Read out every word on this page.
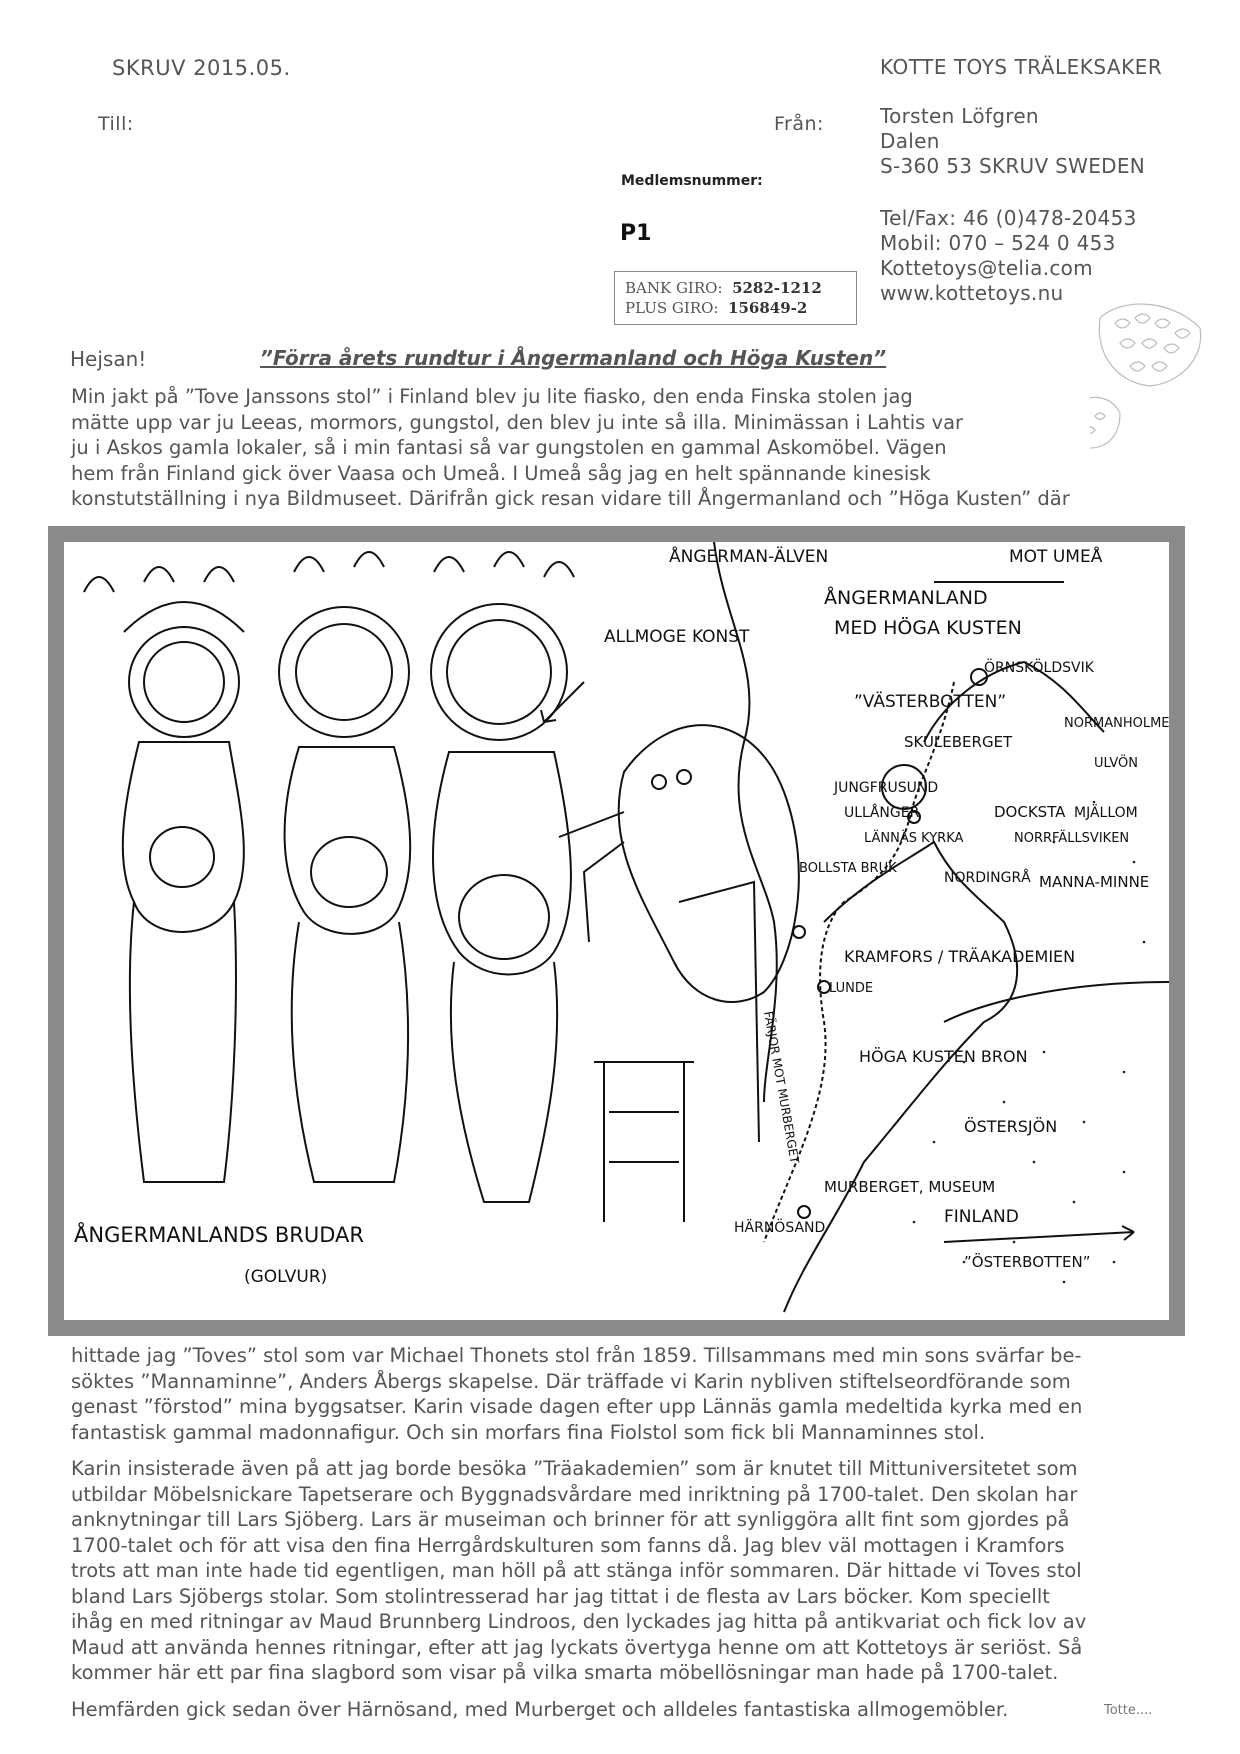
SKRUV 2015.05.
Till:	Från:
KOTTE TOYS TRÄLEKSAKER
Medlemsnummer:
P1
BANK GIRO: 5282-1212
PLUS GIRO: 156849-2
Torsten Löfgren
Dalen
S-360 53 SKRUV SWEDEN
Tel/Fax: 46 (0)478-20453
Mobil: 070 – 524 0 453
Kottetoys@telia.com
www.kottetoys.nu
Hejsan!	”Förra årets rundtur i Ångermanland och Höga Kusten”
Min jakt på ”Tove Janssons stol” i Finland blev ju lite fiasko, den enda Finska stolen jag
mätte upp var ju Leeas, mormors, gungstol, den blev ju inte så illa. Minimässan i Lahtis var
ju i Askos gamla lokaler, så i min fantasi så var gungstolen en gammal Askomöbel. Vägen
hem från Finland gick över Vaasa och Umeå. I Umeå såg jag en helt spännande kinesisk
konstutställning i nya Bildmuseet. Därifrån gick resan vidare till Ångermanland och ”Höga Kusten” där
ÅNGERMAN-ÄLVEN	MOT UMEÅ
ÅNGERMANLAND
MED HÖGA KUSTEN
ALLMOGE KONST
ÖRNSKÖLDSVIK
”VÄSTERBOTTEN”
NORMANHOLMEN
ULVÖN
SKULEBERGET
JUNGFRUSUND
ULLÅNGER
LÄNNÄS KYRKA
BOLLSTA BRUK
DOCKSTA MJÄLLOM
NORRFÄLLSVIKEN
NORDINGRÅ MANNA-MINNE
KRAMFORS / TRÄAKADEMIEN
LUNDE
HÖGA KUSTEN BRON
ÖSTERSJÖN
MURBERGET, MUSEUM
HÄRNÖSAND
FINLAND
”ÖSTERBOTTEN”
FÄRJOR MOT MURBERGET
ÅNGERMANLANDS BRUDAR
(GOLVUR)
hittade jag ”Toves” stol som var Michael Thonets stol från 1859. Tillsammans med min sons svärfar be-
söktes ”Mannaminne”, Anders Åbergs skapelse. Där träffade vi Karin nybliven stiftelseordförande som
genast ”förstod” mina byggsatser. Karin visade dagen efter upp Lännäs gamla medeltida kyrka med en
fantastisk gammal madonnafigur. Och sin morfars fina Fiolstol som fick bli Mannaminnes stol.
Karin insisterade även på att jag borde besöka ”Träakademien” som är knutet till Mittuniversitetet som
utbildar Möbelsnickare Tapetserare och Byggnadsvårdare med inriktning på 1700-talet. Den skolan har
anknytningar till Lars Sjöberg. Lars är museiman och brinner för att synliggöra allt fint som gjordes på
1700-talet och för att visa den fina Herrgårdskulturen som fanns då. Jag blev väl mottagen i Kramfors
trots att man inte hade tid egentligen, man höll på att stänga inför sommaren. Där hittade vi Toves stol
bland Lars Sjöbergs stolar. Som stolintresserad har jag tittat i de flesta av Lars böcker. Kom speciellt
ihåg en med ritningar av Maud Brunnberg Lindroos, den lyckades jag hitta på antikvariat och fick lov av
Maud att använda hennes ritningar, efter att jag lyckats övertyga henne om att Kottetoys är seriöst. Så
kommer här ett par fina slagbord som visar på vilka smarta möbellösningar man hade på 1700-talet.
Hemfärden gick sedan över Härnösand, med Murberget och alldeles fantastiska allmogemöbler.	Totte....
